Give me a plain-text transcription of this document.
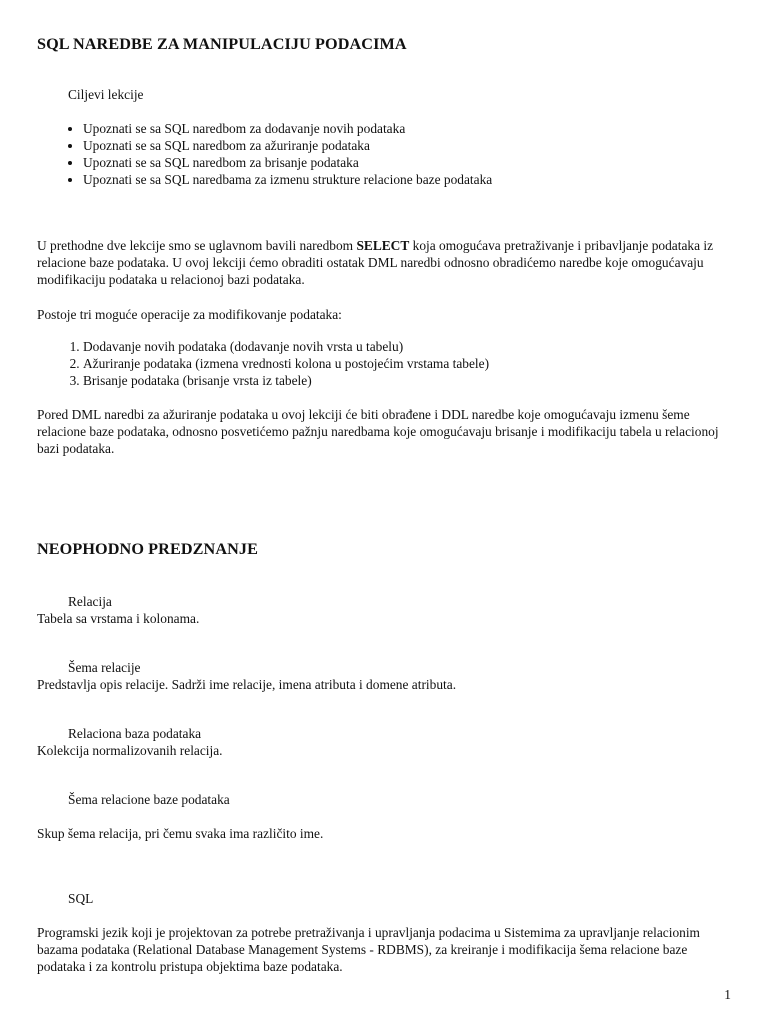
SQL NAREDBE ZA MANIPULACIJU PODACIMA
Ciljevi lekcije
• Upoznati se sa SQL naredbom za dodavanje novih podataka
• Upoznati se sa SQL naredbom za ažuriranje podataka
• Upoznati se sa SQL naredbom za brisanje podataka
• Upoznati se sa SQL naredbama za izmenu strukture relacione baze podataka

U prethodne dve lekcije smo se uglavnom bavili naredbom SELECT koja omogućava pretraživanje i pribavljanje podataka iz relacione baze podataka. U ovoj lekciji ćemo obraditi ostatak DML naredbi odnosno obradićemo naredbe koje omogućavaju modifikaciju podataka u relacionoj bazi podataka.

Postoje tri moguće operacije za modifikovanje podataka:

1. Dodavanje novih podataka (dodavanje novih vrsta u tabelu)
2. Ažuriranje podataka (izmena vrednosti kolona u postojećim vrstama tabele)
3. Brisanje podataka (brisanje vrsta iz tabele)

Pored DML naredbi za ažuriranje podataka u ovoj lekciji će biti obrađene i DDL naredbe koje omogućavaju izmenu šeme relacione baze podataka, odnosno posvetićemo pažnju naredbama koje omogućavaju brisanje i modifikaciju tabela u relacionoj bazi podataka.

NEOPHODNO PREDZNANJE
Relacija
Tabela sa vrstama i kolonama.
Šema relacije
Predstavlja opis relacije. Sadrži ime relacije, imena atributa i domene atributa.
Relaciona baza podataka
Kolekcija normalizovanih relacija.
Šema relacione baze podataka
Skup šema relacija, pri čemu svaka ima različito ime.
SQL
Programski jezik koji je projektovan za potrebe pretraživanja i upravljanja podacima u Sistemima za upravljanje relacionim bazama podataka (Relational Database Management Systems - RDBMS), za kreiranje i modifikacija šema relacione baze podataka i za kontrolu pristupa objektima baze podataka.
1
